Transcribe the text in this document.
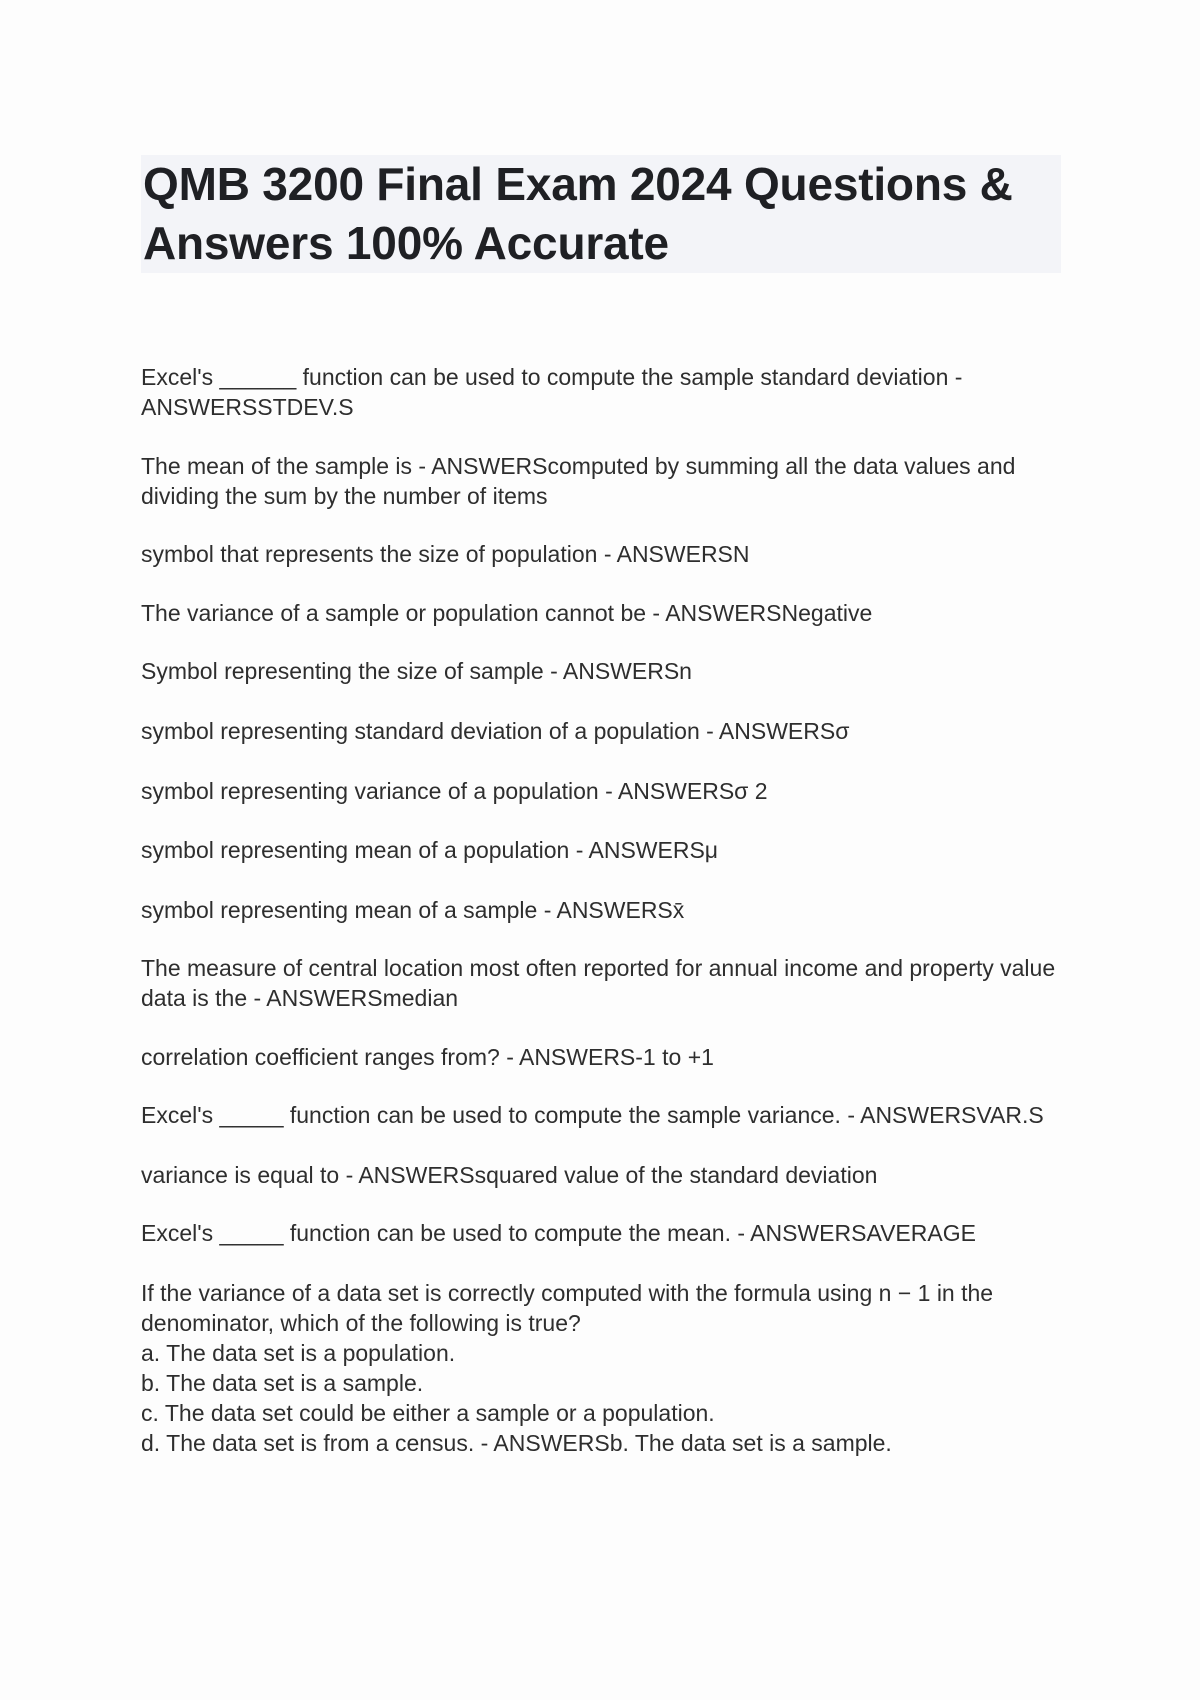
QMB 3200 Final Exam 2024 Questions & Answers 100% Accurate

Excel's ______ function can be used to compute the sample standard deviation - ANSWERSSTDEV.S

The mean of the sample is - ANSWERScomputed by summing all the data values and dividing the sum by the number of items

symbol that represents the size of population - ANSWERSN

The variance of a sample or population cannot be - ANSWERSNegative

Symbol representing the size of sample - ANSWERSn

symbol representing standard deviation of a population - ANSWERSσ

symbol representing variance of a population - ANSWERSσ 2

symbol representing mean of a population - ANSWERSμ

symbol representing mean of a sample - ANSWERSx̄

The measure of central location most often reported for annual income and property value data is the - ANSWERSmedian

correlation coefficient ranges from? - ANSWERS-1 to +1

Excel's _____ function can be used to compute the sample variance. - ANSWERSVAR.S

variance is equal to - ANSWERSsquared value of the standard deviation

Excel's _____ function can be used to compute the mean. - ANSWERSAVERAGE

If the variance of a data set is correctly computed with the formula using n − 1 in the denominator, which of the following is true?

a. The data set is a population.

b. The data set is a sample.

c. The data set could be either a sample or a population.

d. The data set is from a census. - ANSWERSb. The data set is a sample.
